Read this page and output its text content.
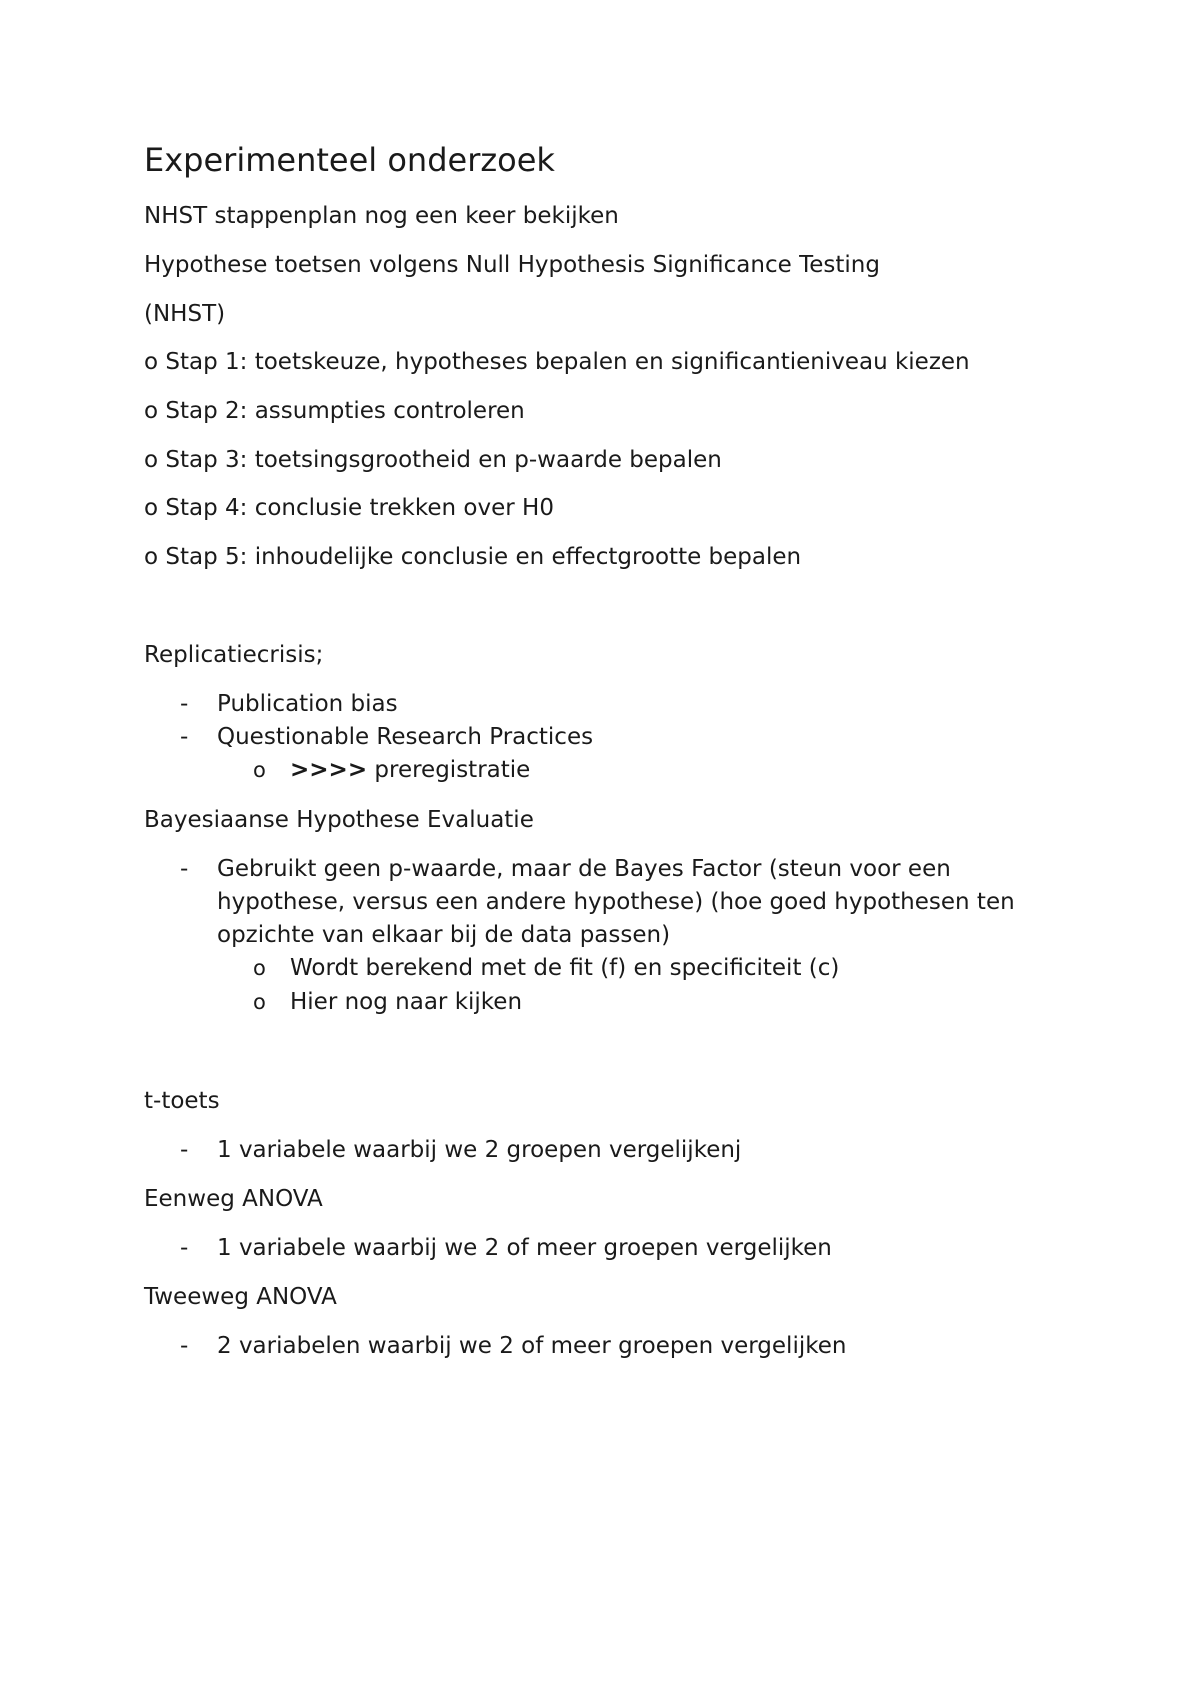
Experimenteel onderzoek
NHST stappenplan nog een keer bekijken
Hypothese toetsen volgens Null Hypothesis Significance Testing
(NHST)
o Stap 1: toetskeuze, hypotheses bepalen en significantieniveau kiezen
o Stap 2: assumpties controleren
o Stap 3: toetsingsgrootheid en p-waarde bepalen
o Stap 4: conclusie trekken over H0
o Stap 5: inhoudelijke conclusie en effectgrootte bepalen
Replicatiecrisis;
- Publication bias
- Questionable Research Practices
o >>>> preregistratie
Bayesiaanse Hypothese Evaluatie
- Gebruikt geen p-waarde, maar de Bayes Factor (steun voor een
hypothese, versus een andere hypothese) (hoe goed hypothesen ten
opzichte van elkaar bij de data passen)
o Wordt berekend met de fit (f) en specificiteit (c)
o Hier nog naar kijken
t-toets
- 1 variabele waarbij we 2 groepen vergelijkenj
Eenweg ANOVA
- 1 variabele waarbij we 2 of meer groepen vergelijken
Tweeweg ANOVA
- 2 variabelen waarbij we 2 of meer groepen vergelijken
